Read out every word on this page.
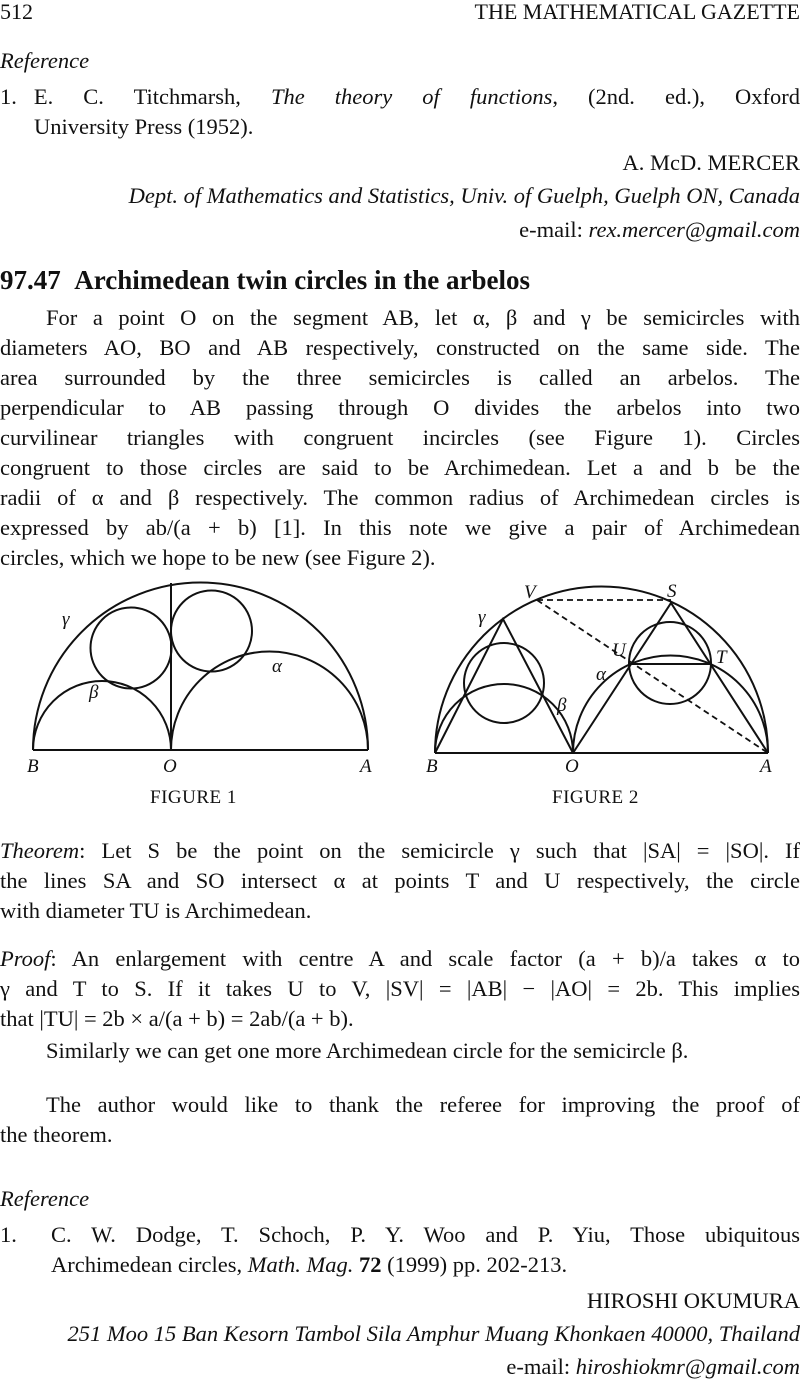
512	THE MATHEMATICAL GAZETTE
Reference
1. E. C. Titchmarsh, The theory of functions, (2nd. ed.), Oxford
University Press (1952).
A. McD. MERCER
Dept. of Mathematics and Statistics, Univ. of Guelph, Guelph ON, Canada
e-mail: rex.mercer@gmail.com
97.47 Archimedean twin circles in the arbelos
For a point O on the segment AB, let α, β and γ be semicircles with
diameters AO, BO and AB respectively, constructed on the same side. The
area surrounded by the three semicircles is called an arbelos. The
perpendicular to AB passing through O divides the arbelos into two
curvilinear triangles with congruent incircles (see Figure 1). Circles
congruent to those circles are said to be Archimedean. Let a and b be the
radii of α and β respectively. The common radius of Archimedean circles is
expressed by ab/(a + b) [1]. In this note we give a pair of Archimedean
circles, which we hope to be new (see Figure 2).
γ
β
α
B	O	A
FIGURE 1
γ
V	S
U
α
T
β
B	O	A
FIGURE 2
Theorem: Let S be the point on the semicircle γ such that |SA| = |SO|. If
the lines SA and SO intersect α at points T and U respectively, the circle
with diameter TU is Archimedean.
Proof: An enlargement with centre A and scale factor (a + b)/a takes α to
γ and T to S. If it takes U to V, |SV| = |AB| − |AO| = 2b. This implies
that |TU| = 2b × a/(a + b) = 2ab/(a + b).
Similarly we can get one more Archimedean circle for the semicircle β.
The author would like to thank the referee for improving the proof of
the theorem.
Reference
1. C. W. Dodge, T. Schoch, P. Y. Woo and P. Yiu, Those ubiquitous
Archimedean circles, Math. Mag. 72 (1999) pp. 202-213.
HIROSHI OKUMURA
251 Moo 15 Ban Kesorn Tambol Sila Amphur Muang Khonkaen 40000, Thailand
e-mail: hiroshiokmr@gmail.com
